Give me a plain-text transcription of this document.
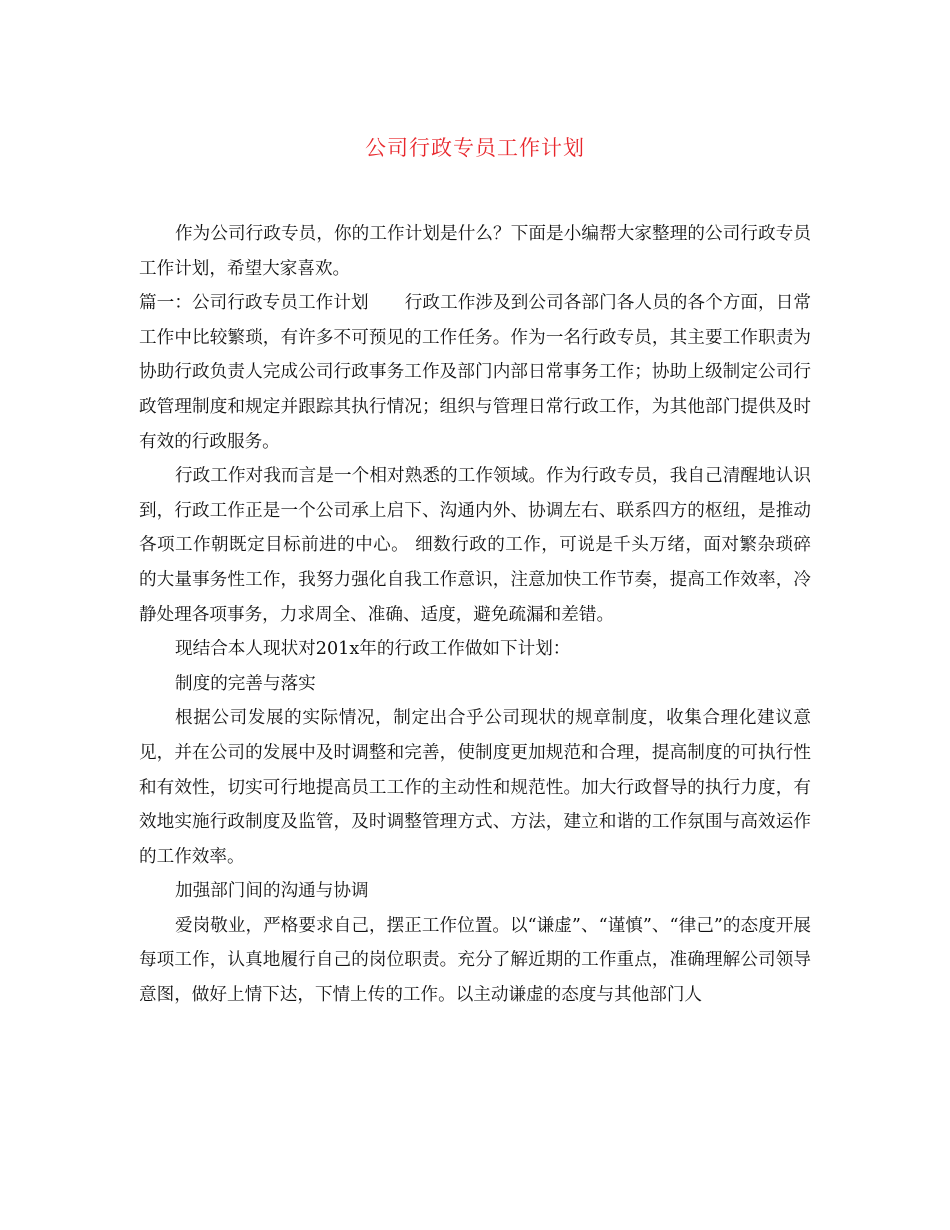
公司行政专员工作计划

作为公司行政专员，你的工作计划是什么？下面是小编帮大家整理的公司行政专员工作计划，希望大家喜欢。

篇一：公司行政专员工作计划 行政工作涉及到公司各部门各人员的各个方面，日常工作中比较繁琐，有许多不可预见的工作任务。作为一名行政专员，其主要工作职责为协助行政负责人完成公司行政事务工作及部门内部日常事务工作；协助上级制定公司行政管理制度和规定并跟踪其执行情况；组织与管理日常行政工作，为其他部门提供及时有效的行政服务。

行政工作对我而言是一个相对熟悉的工作领域。作为行政专员，我自己清醒地认识到，行政工作正是一个公司承上启下、沟通内外、协调左右、联系四方的枢纽，是推动各项工作朝既定目标前进的中心。 细数行政的工作，可说是千头万绪，面对繁杂琐碎的大量事务性工作，我努力强化自我工作意识，注意加快工作节奏，提高工作效率，冷静处理各项事务，力求周全、准确、适度，避免疏漏和差错。

现结合本人现状对201x年的行政工作做如下计划：

制度的完善与落实

根据公司发展的实际情况，制定出合乎公司现状的规章制度，收集合理化建议意见，并在公司的发展中及时调整和完善，使制度更加规范和合理，提高制度的可执行性和有效性，切实可行地提高员工工作的主动性和规范性。加大行政督导的执行力度，有效地实施行政制度及监管，及时调整管理方式、方法，建立和谐的工作氛围与高效运作的工作效率。

加强部门间的沟通与协调

爱岗敬业，严格要求自己，摆正工作位置。以“谦虚”、“谨慎”、“律己”的态度开展每项工作，认真地履行自己的岗位职责。充分了解近期的工作重点，准确理解公司领导意图，做好上情下达，下情上传的工作。以主动谦虚的态度与其他部门人
